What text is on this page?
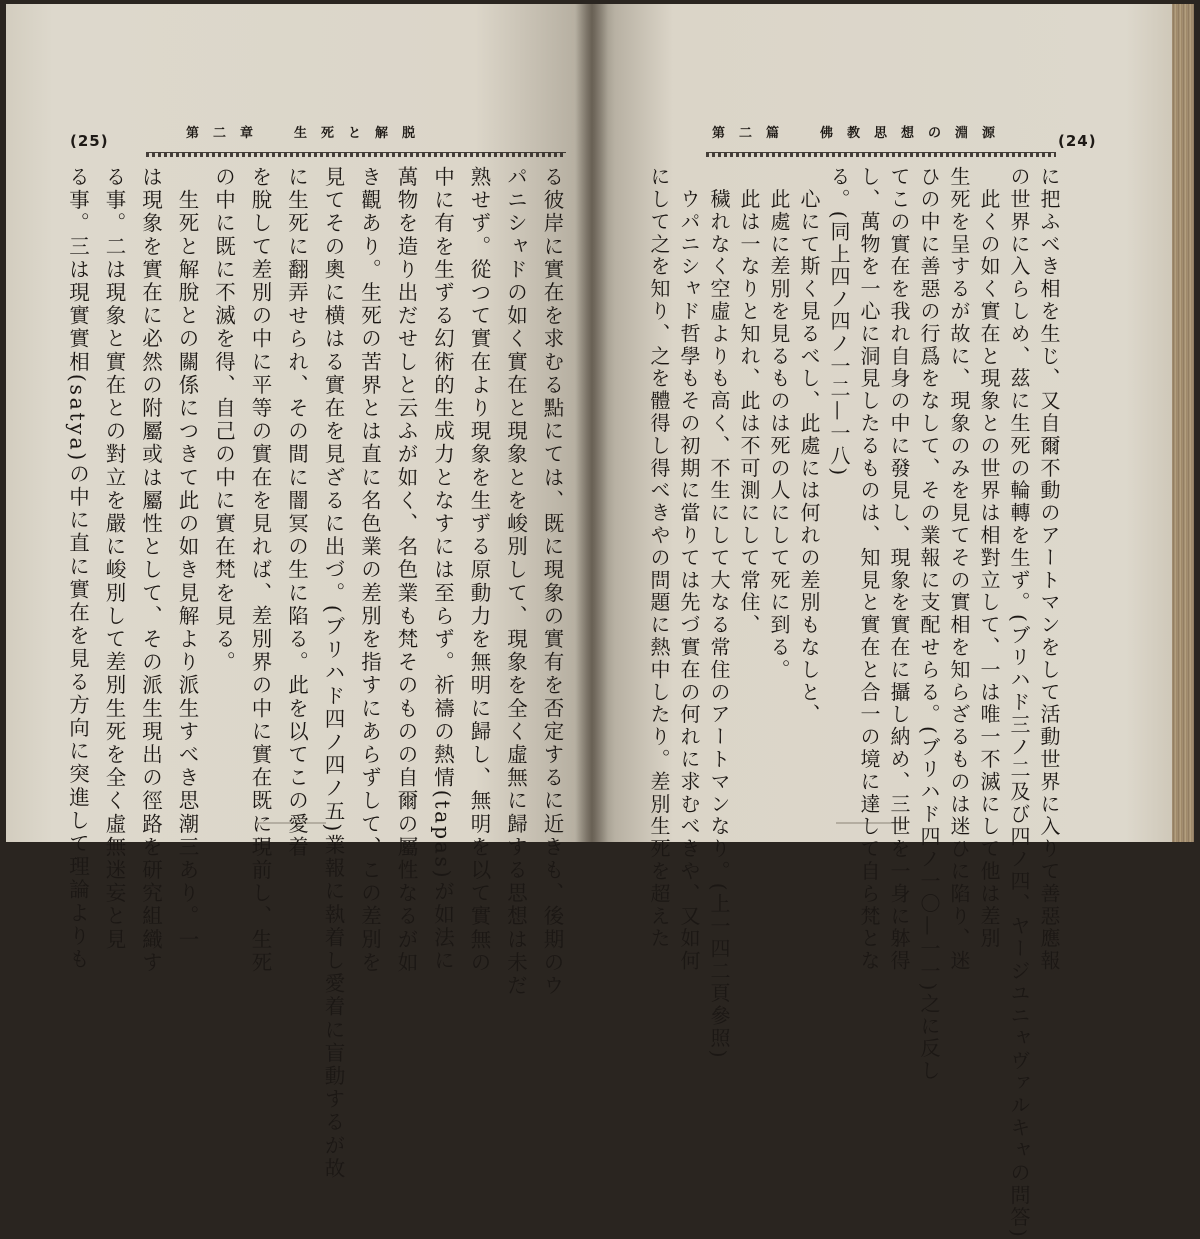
(25)	第二章　生死と解脱	(24)
第二篇　佛教思想の淵源
る彼岸に實在を求むる點にては、既に現象の實有を否定するに近きも、後期のウ
パニシャドの如く實在と現象とを峻別して、現象を全く虛無に歸する思想は未だ
熟せず。從つて實在より現象を生ずる原動力を無明に歸し、無明を以て實無の
中に有を生ずる幻術的生成力となすには至らず。祈禱の熱情(tapas)が如法に
萬物を造り出だせしと云ふが如く、名色業も梵そのものの自爾の屬性なるが如
き觀あり。生死の苦界とは直に名色業の差別を指すにあらずして、この差別を
見てその奧に横はる實在を見ざるに出づ。(ブリハド四ノ四ノ五)業報に執着し愛着に盲動するが故
に生死に翻弄せられ、その間に闇冥の生に陷る。此を以てこの愛着
を脫して差別の中に平等の實在を見れば、差別界の中に實在既に現前し、生死
の中に既に不滅を得、自己の中に實在梵を見る。
　生死と解脫との關係につきて此の如き見解より派生すべき思潮三あり。一
は現象を實在に必然の附屬或は屬性として、その派生現出の徑路を研究組織す
る事。二は現象と實在との對立を嚴に峻別して差別生死を全く虛無迷妄と見
る事。三は現實實相(satya)の中に直に實在を見る方向に突進して理論よりも	に把ふべき相を生じ、又自爾不動のアートマンをして活動世界に入りて善惡應報
の世界に入らしめ、茲に生死の輪轉を生ず。(ブリハド三ノ二及び四ノ四、ヤージユニャヴァルキャの問答)
　此くの如く實在と現象との世界は相對立して、一は唯一不滅にして他は差別
生死を呈するが故に、現象のみを見てその實相を知らざるものは迷ひに陷り、迷
ひの中に善惡の行爲をなして、その業報に支配せらる。(ブリハド四ノ一〇—一一)之に反し
てこの實在を我れ自身の中に發見し、現象を實在に攝し納め、三世を一身に躰得
し、萬物を一心に洞見したるものは、知見と實在と合一の境に達して自ら梵とな
る。(同上四ノ四ノ一二—一八)
　心にて斯く見るべし、此處には何れの差別もなしと、
　此處に差別を見るものは死の人にして死に到る。
　此は一なりと知れ、此は不可測にして常住、
　穢れなく空虛よりも高く、不生にして大なる常住のアートマンなり。(上一四二頁參照)
　ウパニシャド哲學もその初期に當りては先づ實在の何れに求むべきや、又如何
にして之を知り、之を體得し得べきやの問題に熱中したり。差別生死を超えた
